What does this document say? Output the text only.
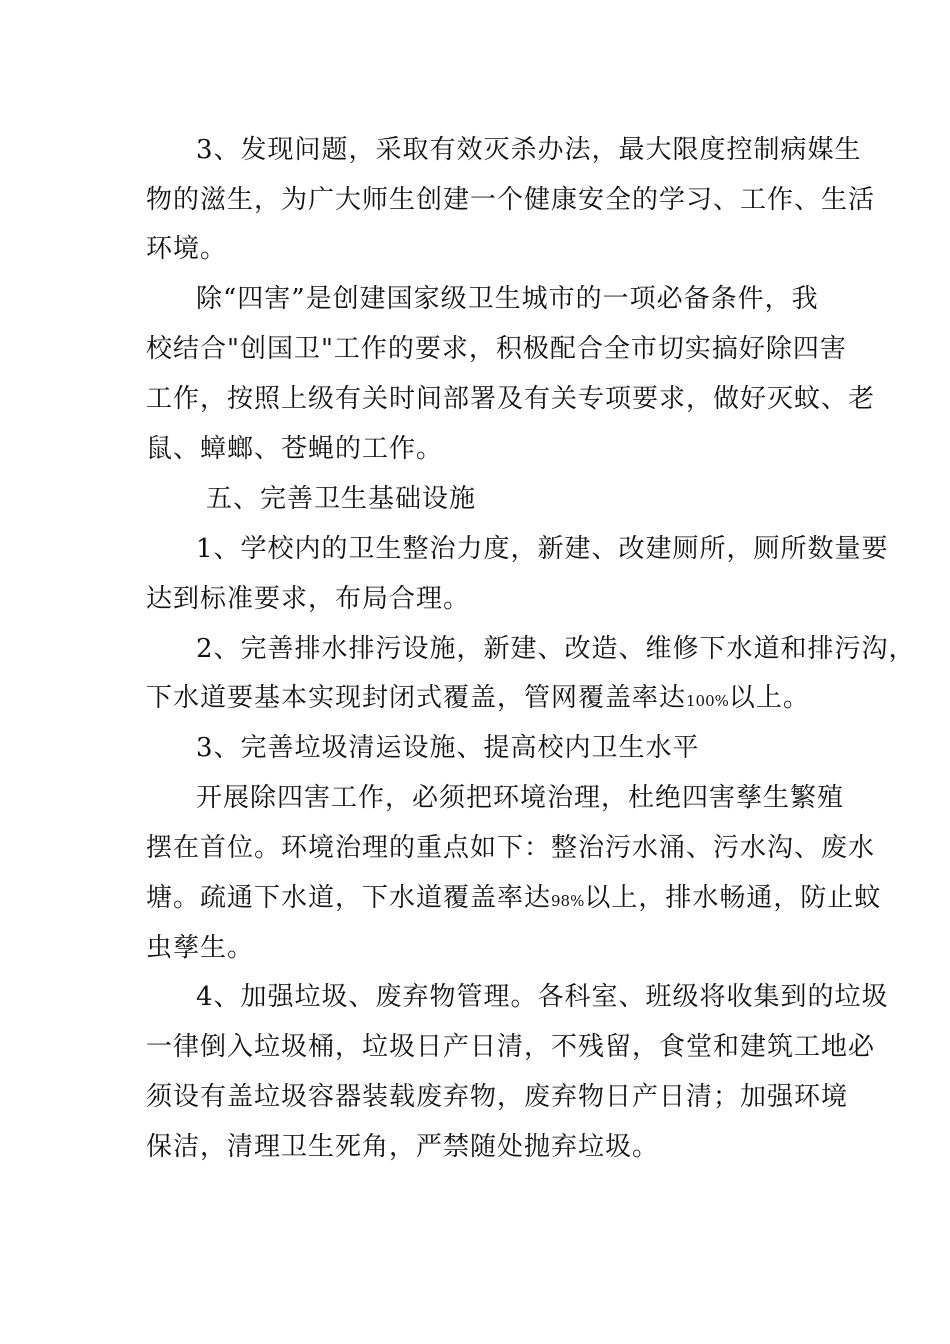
3、发现问题，采取有效灭杀办法，最大限度控制病媒生
物的滋生，为广大师生创建一个健康安全的学习、工作、生活
环境。
除“四害”是创建国家级卫生城市的一项必备条件，我
校结合"创国卫"工作的要求，积极配合全市切实搞好除四害
工作，按照上级有关时间部署及有关专项要求，做好灭蚊、老
鼠、蟑螂、苍蝇的工作。
五、完善卫生基础设施
1、学校内的卫生整治力度，新建、改建厕所，厕所数量要
达到标准要求，布局合理。
2、完善排水排污设施，新建、改造、维修下水道和排污沟，
下水道要基本实现封闭式覆盖，管网覆盖率达100%以上。
3、完善垃圾清运设施、提高校内卫生水平
开展除四害工作，必须把环境治理，杜绝四害孳生繁殖
摆在首位。环境治理的重点如下：整治污水涌、污水沟、废水
塘。疏通下水道，下水道覆盖率达98%以上，排水畅通，防止蚊
虫孳生。
4、加强垃圾、废弃物管理。各科室、班级将收集到的垃圾
一律倒入垃圾桶，垃圾日产日清，不残留，食堂和建筑工地必
须设有盖垃圾容器装载废弃物，废弃物日产日清；加强环境
保洁，清理卫生死角，严禁随处抛弃垃圾。
